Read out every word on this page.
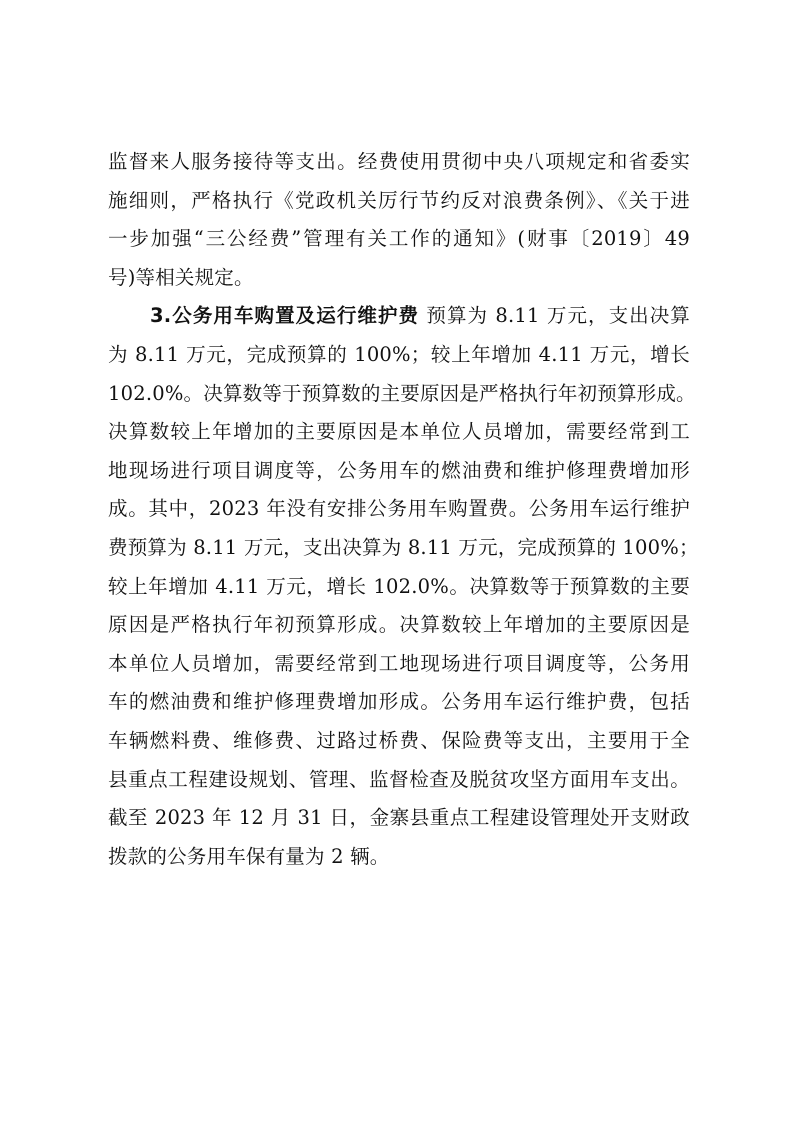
监督来人服务接待等支出。经费使用贯彻中央八项规定和省委实
施细则，严格执行《党政机关厉行节约反对浪费条例》、《关于进
一步加强“三公经费”管理有关工作的通知》(财事〔2019〕49
号)等相关规定。
3.公务用车购置及运行维护费 预算为 8.11 万元，支出决算
为 8.11 万元，完成预算的 100%；较上年增加 4.11 万元，增长
102.0%。决算数等于预算数的主要原因是严格执行年初预算形成。
决算数较上年增加的主要原因是本单位人员增加，需要经常到工
地现场进行项目调度等，公务用车的燃油费和维护修理费增加形
成。其中，2023 年没有安排公务用车购置费。公务用车运行维护
费预算为 8.11 万元，支出决算为 8.11 万元，完成预算的 100%；
较上年增加 4.11 万元，增长 102.0%。决算数等于预算数的主要
原因是严格执行年初预算形成。决算数较上年增加的主要原因是
本单位人员增加，需要经常到工地现场进行项目调度等，公务用
车的燃油费和维护修理费增加形成。公务用车运行维护费，包括
车辆燃料费、维修费、过路过桥费、保险费等支出，主要用于全
县重点工程建设规划、管理、监督检查及脱贫攻坚方面用车支出。
截至 2023 年 12 月 31 日，金寨县重点工程建设管理处开支财政
拨款的公务用车保有量为 2 辆。
